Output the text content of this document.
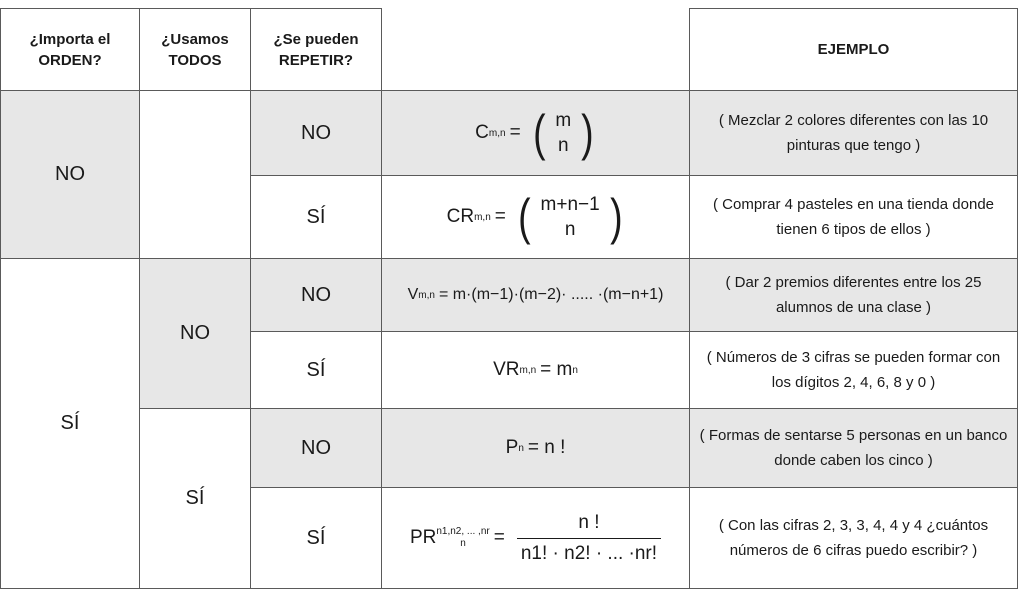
¿Importa el ORDEN?
¿Usamos TODOS
¿Se pueden REPETIR?
EJEMPLO
NO
SÍ
NO
SÍ
NO
SÍ
NO
SÍ
NO
SÍ
C m,n = ( m
n )
CR m,n = ( m+n−1
n )
V m,n = m·(m−1)·(m−2)· ..... ·(m−n+1)
VR m,n = m n
P n = n !
PR n1,n2, ... ,nr
n	= $\frac{n !}{n1! \cdot n2! \cdot ... \cdot nr!}$
( Mezclar 2 colores diferentes con las 10 pinturas que tengo )
( Comprar 4 pasteles en una tienda donde tienen 6 tipos de ellos )
( Dar 2 premios diferentes entre los 25 alumnos de una clase )
( Números de 3 cifras se pueden formar con los dígitos 2, 4, 6, 8 y 0 )
( Formas de sentarse 5 personas en un banco donde caben los cinco )
( Con las cifras 2, 3, 3, 4, 4 y 4 ¿cuántos números de 6 cifras puedo escribir? )
